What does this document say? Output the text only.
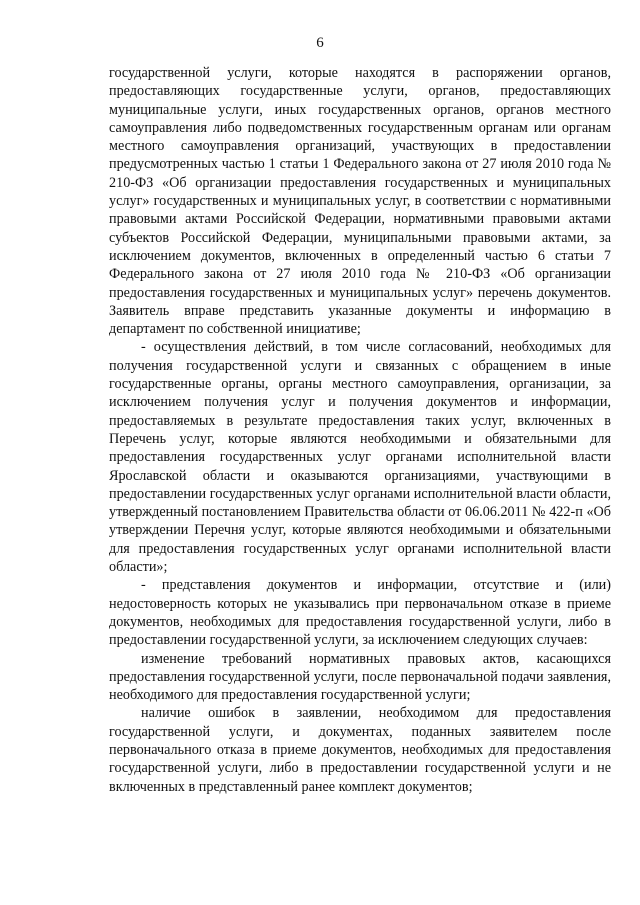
6

государственной услуги, которые находятся в распоряжении органов, предоставляющих государственные услуги, органов, предоставляющих муниципальные услуги, иных государственных органов, органов местного самоуправления либо подведомственных государственным органам или органам местного самоуправления организаций, участвующих в предоставлении предусмотренных частью 1 статьи 1 Федерального закона от 27 июля 2010 года № 210-ФЗ «Об организации предоставления государственных и муниципальных услуг» государственных и муниципальных услуг, в соответствии с нормативными правовыми актами Российской Федерации, нормативными правовыми актами субъектов Российской Федерации, муниципальными правовыми актами, за исключением документов, включенных в определенный частью 6 статьи 7 Федерального закона от 27 июля 2010 года № 210-ФЗ «Об организации предоставления государственных и муниципальных услуг» перечень документов. Заявитель вправе представить указанные документы и информацию в департамент по собственной инициативе;

- осуществления действий, в том числе согласований, необходимых для получения государственной услуги и связанных с обращением в иные государственные органы, органы местного самоуправления, организации, за исключением получения услуг и получения документов и информации, предоставляемых в результате предоставления таких услуг, включенных в Перечень услуг, которые являются необходимыми и обязательными для предоставления государственных услуг органами исполнительной власти Ярославской области и оказываются организациями, участвующими в предоставлении государственных услуг органами исполнительной власти области, утвержденный постановлением Правительства области от 06.06.2011 № 422-п «Об утверждении Перечня услуг, которые являются необходимыми и обязательными для предоставления государственных услуг органами исполнительной власти области»;

- представления документов и информации, отсутствие и (или) недостоверность которых не указывались при первоначальном отказе в приеме документов, необходимых для предоставления государственной услуги, либо в предоставлении государственной услуги, за исключением следующих случаев:

изменение требований нормативных правовых актов, касающихся предоставления государственной услуги, после первоначальной подачи заявления, необходимого для предоставления государственной услуги;

наличие ошибок в заявлении, необходимом для предоставления государственной услуги, и документах, поданных заявителем после первоначального отказа в приеме документов, необходимых для предоставления государственной услуги, либо в предоставлении государственной услуги и не включенных в представленный ранее комплект документов;
